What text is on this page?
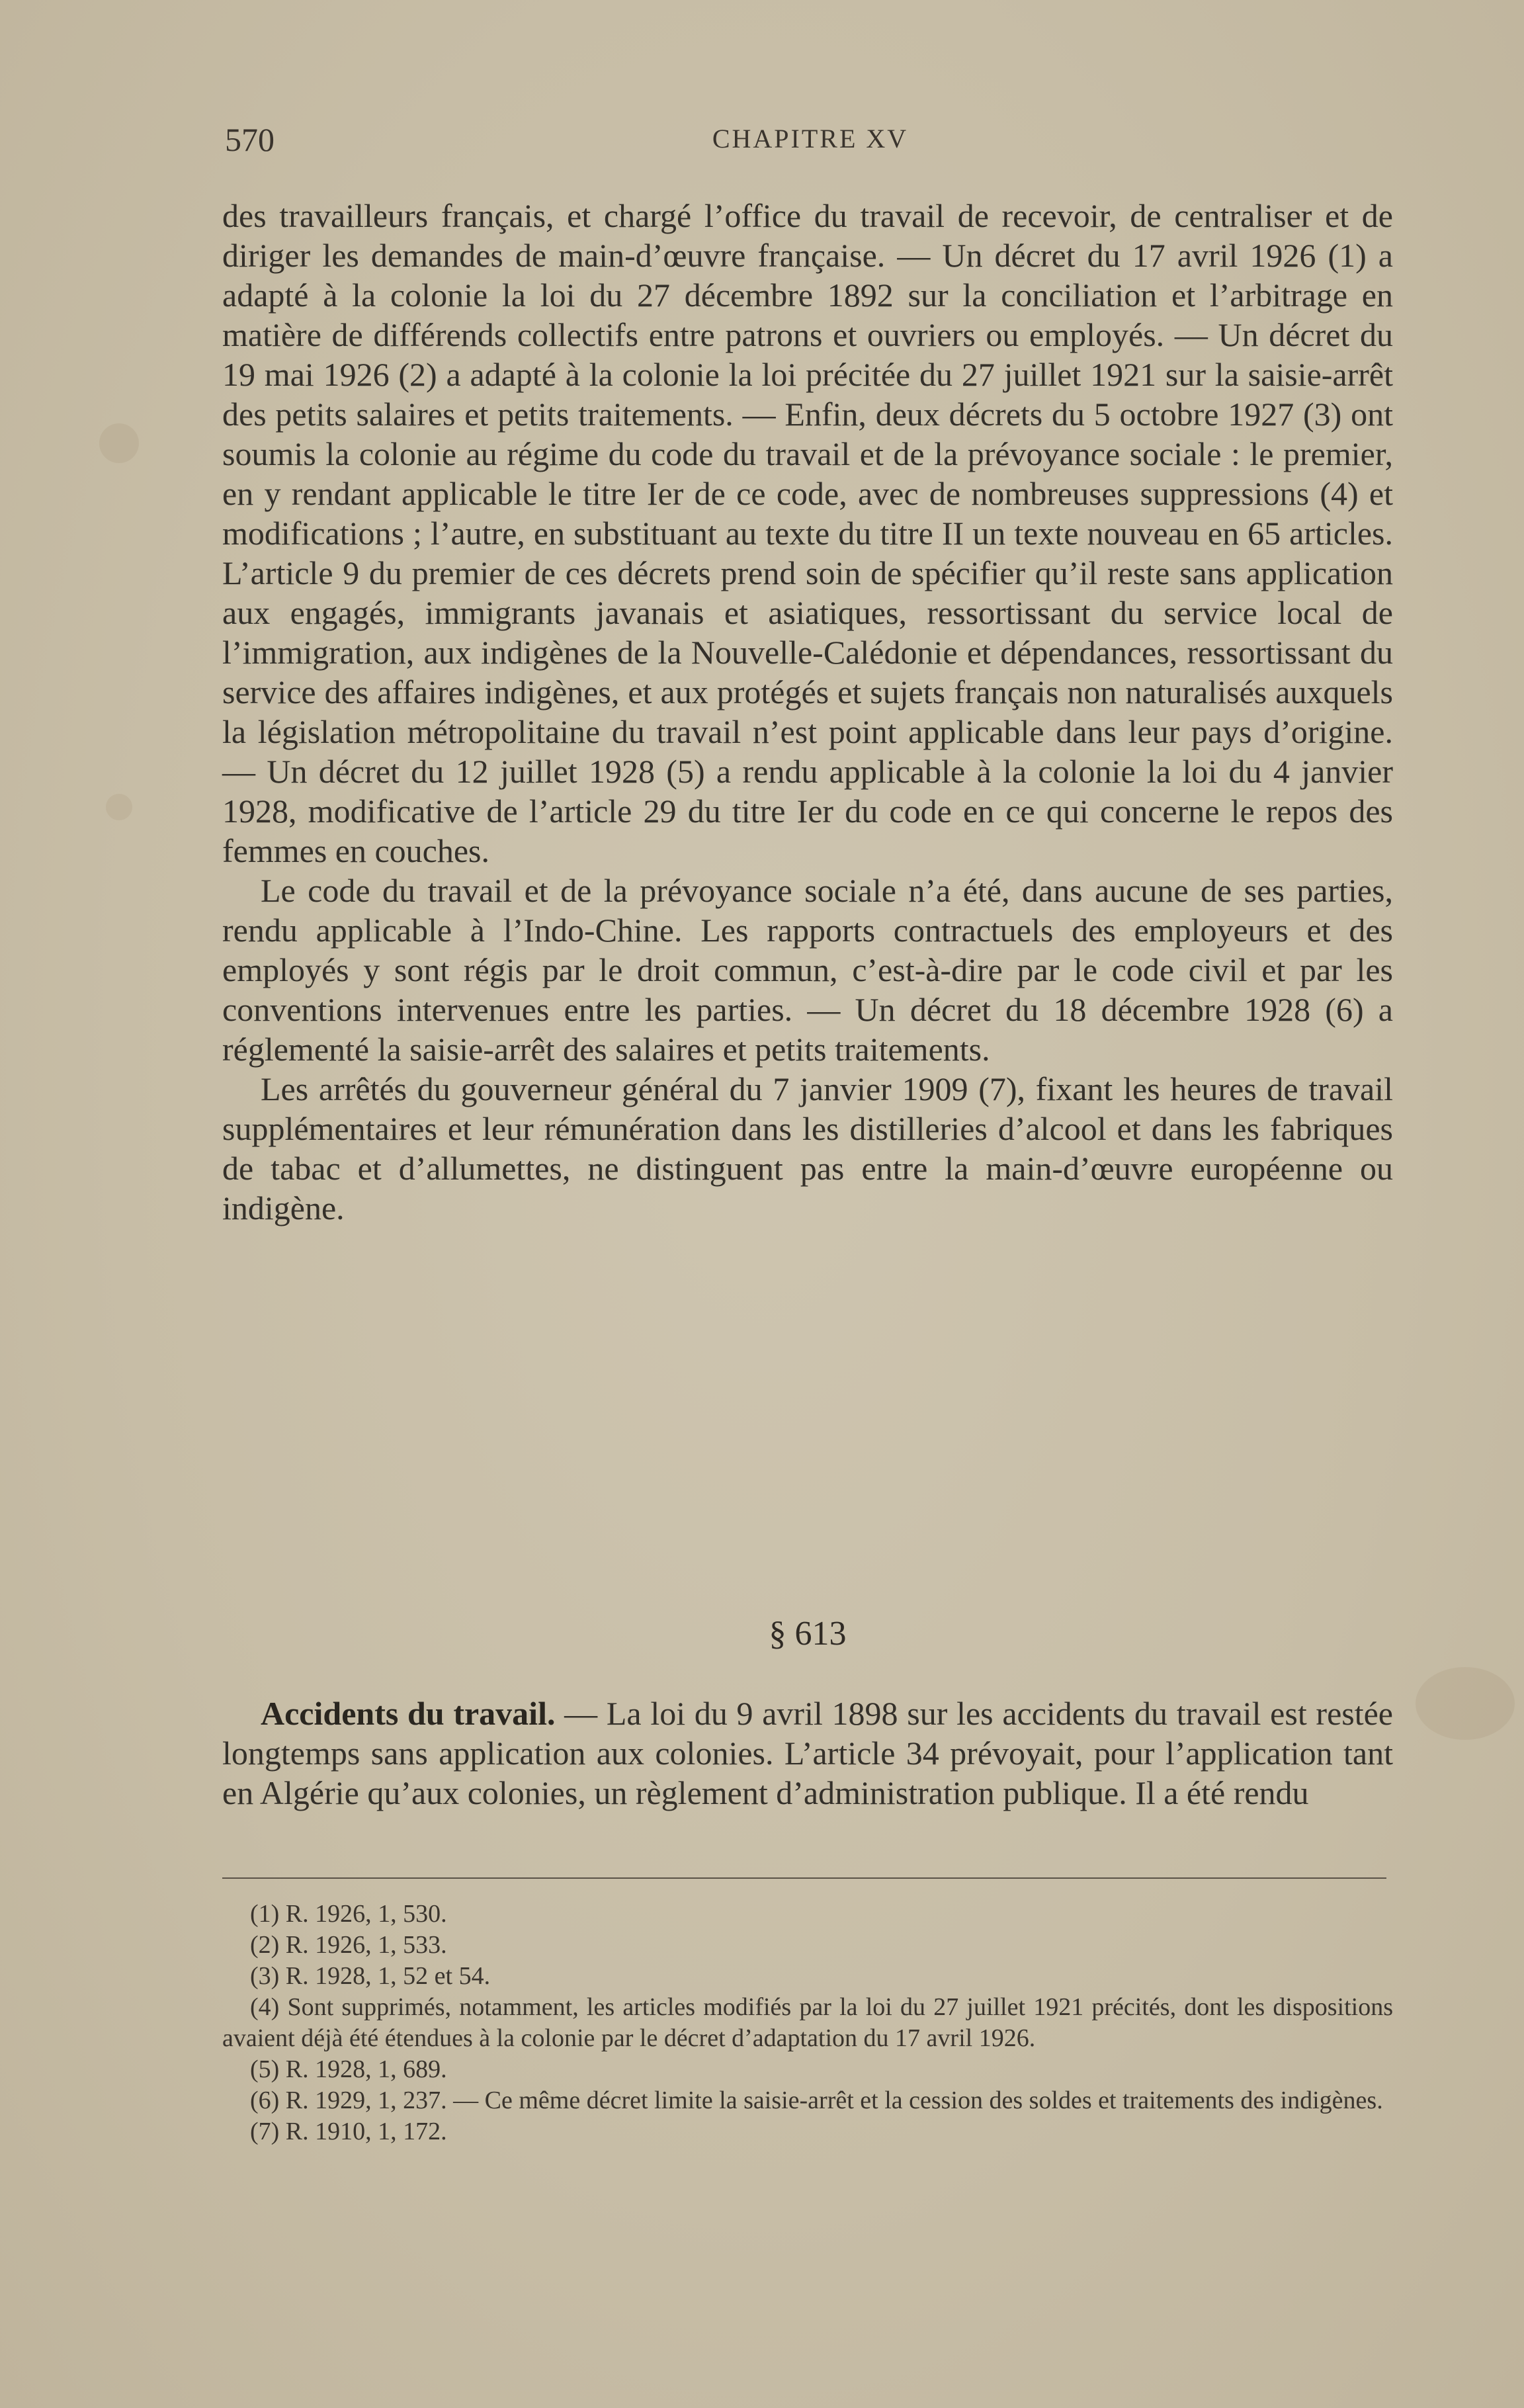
570	CHAPITRE XV

des travailleurs français, et chargé l’office du travail de recevoir, de centraliser et de diriger les demandes de main-d’œuvre française. — Un décret du 17 avril 1926 (1) a adapté à la colonie la loi du 27 décembre 1892 sur la conciliation et l’arbitrage en matière de différends collectifs entre patrons et ouvriers ou employés. — Un décret du 19 mai 1926 (2) a adapté à la colonie la loi précitée du 27 juillet 1921 sur la saisie-arrêt des petits salaires et petits traitements. — Enfin, deux décrets du 5 octobre 1927 (3) ont soumis la colonie au régime du code du travail et de la prévoyance sociale : le premier, en y rendant applicable le titre Ier de ce code, avec de nombreuses suppressions (4) et modifications ; l’autre, en substituant au texte du titre II un texte nouveau en 65 articles. L’article 9 du premier de ces décrets prend soin de spécifier qu’il reste sans application aux engagés, immigrants javanais et asiatiques, ressortissant du service local de l’immigration, aux indigènes de la Nouvelle-Calédonie et dépendances, ressortissant du service des affaires indigènes, et aux protégés et sujets français non naturalisés auxquels la législation métropolitaine du travail n’est point applicable dans leur pays d’origine. — Un décret du 12 juillet 1928 (5) a rendu applicable à la colonie la loi du 4 janvier 1928, modificative de l’article 29 du titre Ier du code en ce qui concerne le repos des femmes en couches.

Le code du travail et de la prévoyance sociale n’a été, dans aucune de ses parties, rendu applicable à l’Indo-Chine. Les rapports contractuels des employeurs et des employés y sont régis par le droit commun, c’est-à-dire par le code civil et par les conventions intervenues entre les parties. — Un décret du 18 décembre 1928 (6) a réglementé la saisie-arrêt des salaires et petits traitements.

Les arrêtés du gouverneur général du 7 janvier 1909 (7), fixant les heures de travail supplémentaires et leur rémunération dans les distilleries d’alcool et dans les fabriques de tabac et d’allumettes, ne distinguent pas entre la main-d’œuvre européenne ou indigène.

§ 613

Accidents du travail. — La loi du 9 avril 1898 sur les accidents du travail est restée longtemps sans application aux colonies. L’article 34 prévoyait, pour l’application tant en Algérie qu’aux colonies, un règlement d’administration publique. Il a été rendu

(1) R. 1926, 1, 530.

(2) R. 1926, 1, 533.

(3) R. 1928, 1, 52 et 54.

(4) Sont supprimés, notamment, les articles modifiés par la loi du 27 juillet 1921 précités, dont les dispositions avaient déjà été étendues à la colonie par le décret d’adaptation du 17 avril 1926.

(5) R. 1928, 1, 689.

(6) R. 1929, 1, 237. — Ce même décret limite la saisie-arrêt et la cession des soldes et traitements des indigènes.

(7) R. 1910, 1, 172.
